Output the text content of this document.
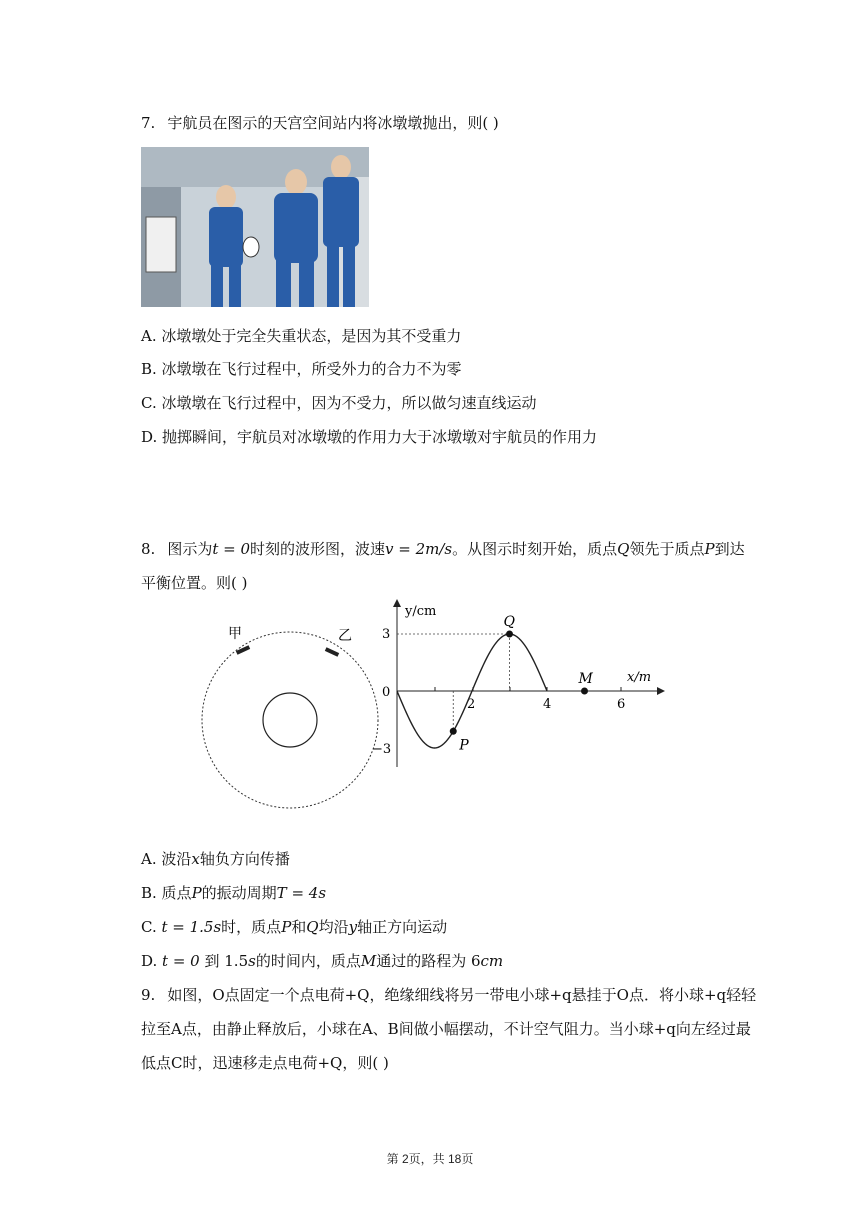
7. 宇航员在图示的天宫空间站内将冰墩墩抛出，则( )
A. 冰墩墩处于完全失重状态，是因为其不受重力
B. 冰墩墩在飞行过程中，所受外力的合力不为零
C. 冰墩墩在飞行过程中，因为不受力，所以做匀速直线运动
D. 抛掷瞬间，宇航员对冰墩墩的作用力大于冰墩墩对宇航员的作用力
8. 图示为t = 0时刻的波形图，波速v = 2m/s。从图示时刻开始，质点Q领先于质点P到达
平衡位置。则( )
甲	乙
y/cm
x/m
3
0
−3
2	4	6
Q
P
M
A. 波沿x轴负方向传播
B. 质点P的振动周期T = 4s
C. t = 1.5s时，质点P和Q均沿y轴正方向运动
D. t = 0 到 1.5s的时间内，质点M通过的路程为 6cm
9. 如图，O点固定一个点电荷+Q，绝缘细线将另一带电小球+q悬挂于O点．将小球+q轻轻
拉至A点，由静止释放后，小球在A、B间做小幅摆动，不计空气阻力。当小球+q向左经过最
低点C时，迅速移走点电荷+Q，则( )
第 2页，共 18页
